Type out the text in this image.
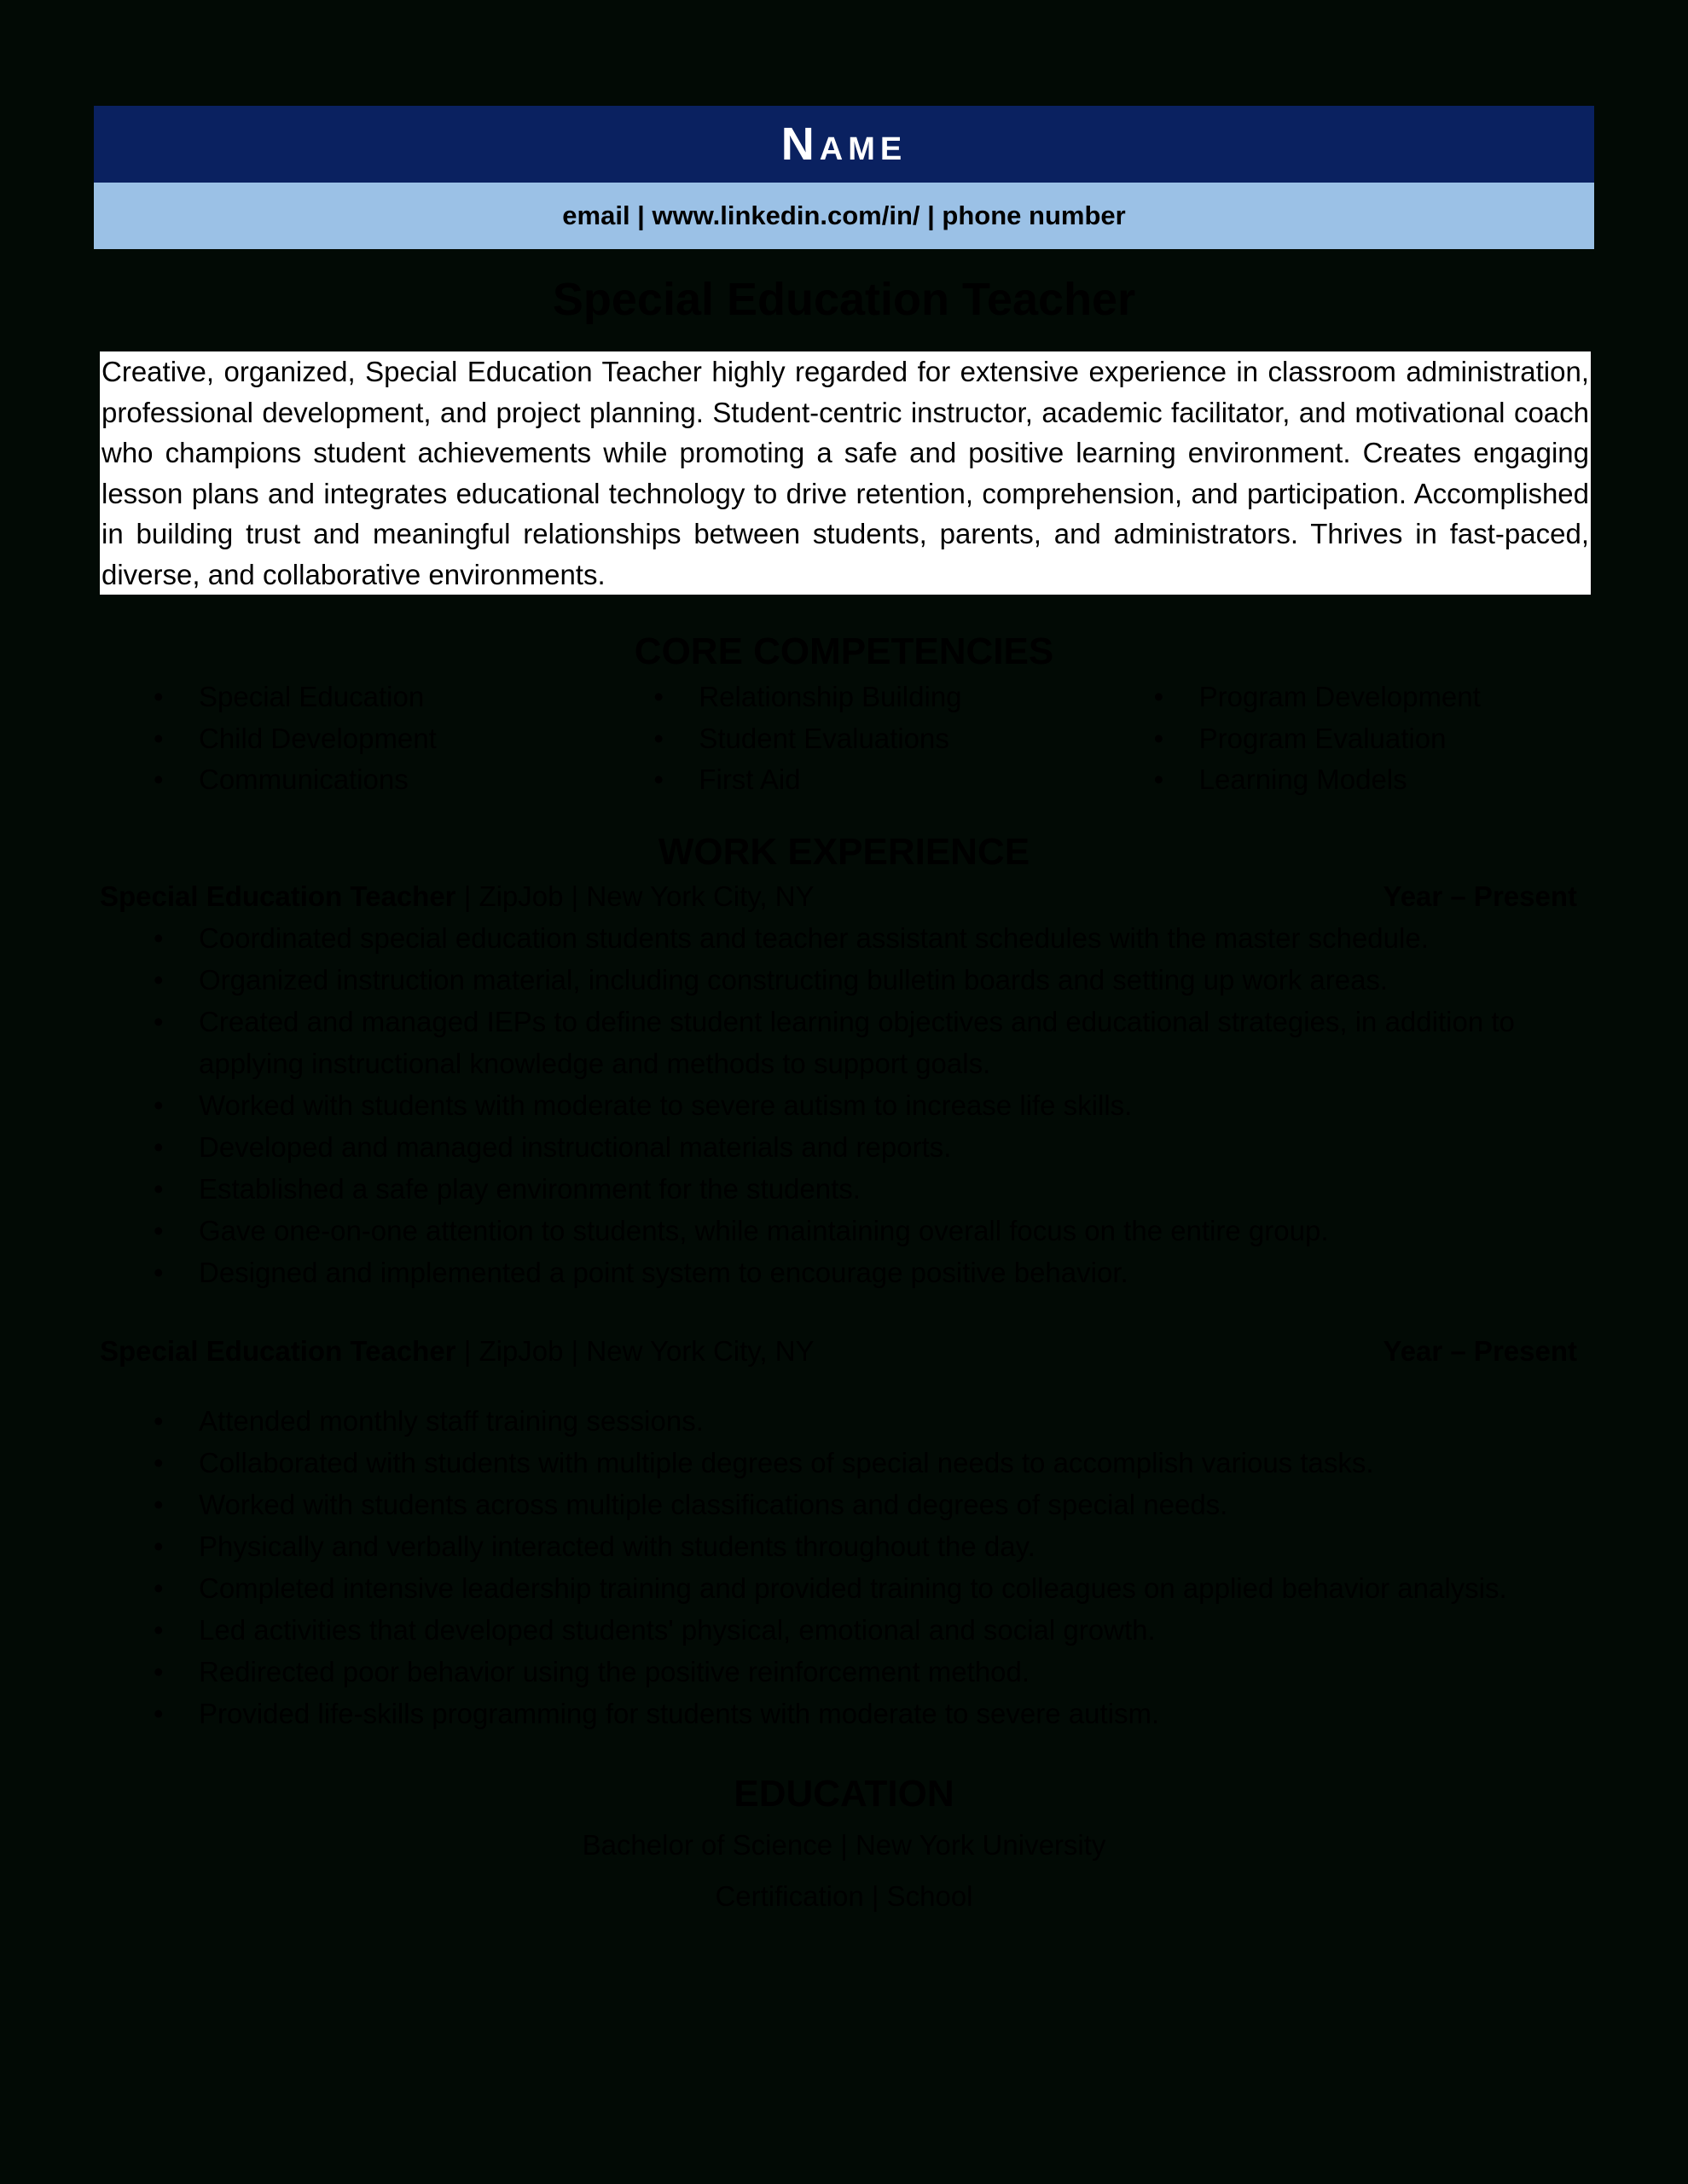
Name
email | www.linkedin.com/in/ | phone number
Special Education Teacher
Creative, organized, Special Education Teacher highly regarded for extensive experience in classroom administration, professional development, and project planning. Student-centric instructor, academic facilitator, and motivational coach who champions student achievements while promoting a safe and positive learning environment. Creates engaging lesson plans and integrates educational technology to drive retention, comprehension, and participation. Accomplished in building trust and meaningful relationships between students, parents, and administrators. Thrives in fast-paced, diverse, and collaborative environments.
CORE COMPETENCIES
• Special Education	• Relationship Building	• Program Development
• Child Development	• Student Evaluations	• Program Evaluation
• Communications	• First Aid	• Learning Models
WORK EXPERIENCE
Special Education Teacher | ZipJob | New York City, NY	Year – Present
• Coordinated special education students and teacher assistant schedules with the master schedule.
• Organized instruction material, including constructing bulletin boards and setting up work areas.
• Created and managed IEPs to define student learning objectives and educational strategies, in addition to applying instructional knowledge and methods to support goals.
• Worked with students with moderate to severe autism to increase life skills.
• Developed and managed instructional materials and reports.
• Established a safe play environment for the students.
• Gave one-on-one attention to students, while maintaining overall focus on the entire group.
• Designed and implemented a point system to encourage positive behavior.
Special Education Teacher | ZipJob | New York City, NY	Year – Present
• Attended monthly staff training sessions.
• Collaborated with students with multiple degrees of special needs to accomplish various tasks.
• Worked with students across multiple classifications and degrees of special needs.
• Physically and verbally interacted with students throughout the day.
• Completed intensive leadership training and provided training to colleagues on applied behavior analysis.
• Led activities that developed students' physical, emotional and social growth.
• Redirected poor behavior using the positive reinforcement method.
• Provided life-skills programming for students with moderate to severe autism.
EDUCATION
Bachelor of Science | New York University
Certification | School
